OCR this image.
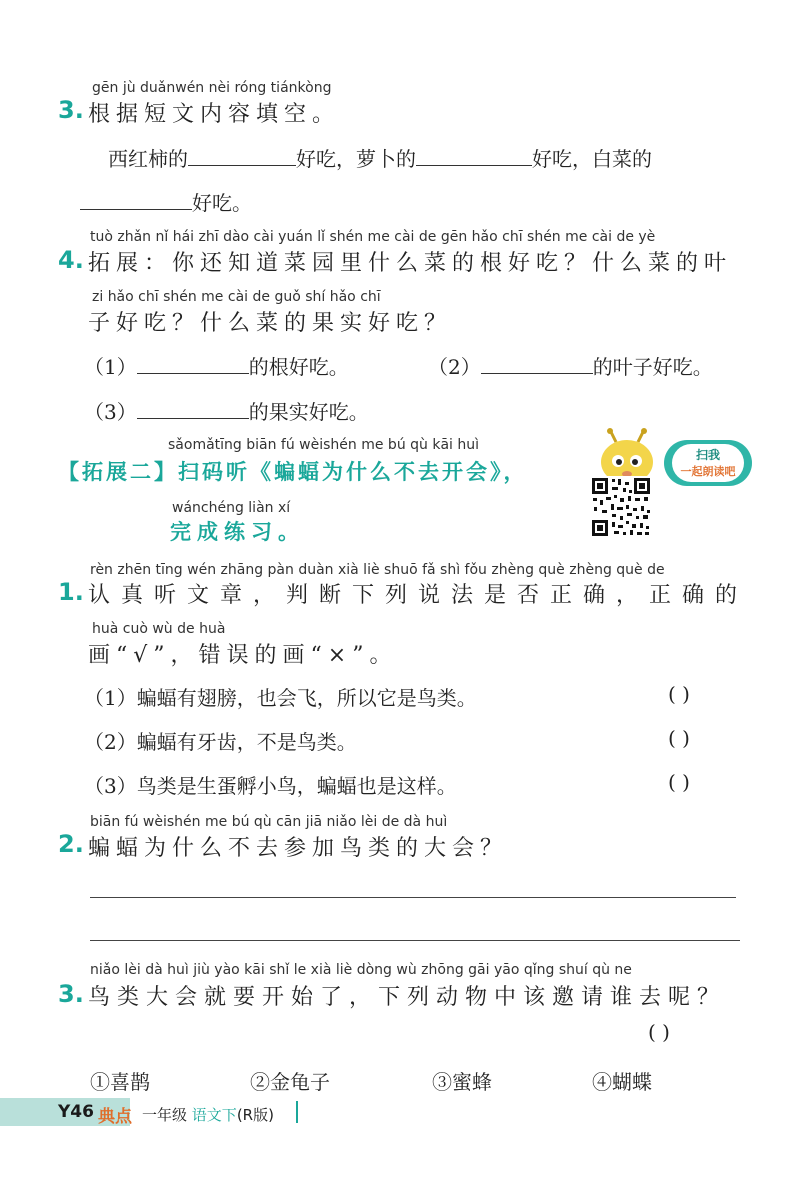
gēn jù duǎnwén nèi róng tiánkòng
3. 根据短文内容填空。
西红柿的	好吃，萝卜的	好吃，白菜的
好吃。
tuò zhǎn nǐ hái zhī dào cài yuán lǐ shén me cài de gēn hǎo chī shén me cài de yè
4. 拓展：你还知道菜园里什么菜的根好吃？什么菜的叶
zi hǎo chī shén me cài de guǒ shí hǎo chī
子好吃？什么菜的果实好吃？
（1）	的根好吃。	（2）	的叶子好吃。
（3）	的果实好吃。
sǎomǎtīng biān fú wèishén me bú qù kāi huì
【拓展二】扫码听《蝙蝠为什么不去开会》，
wánchéng liàn xí
完成练习。
扫我
一起朗读吧
rèn zhēn tīng wén zhāng pàn duàn xià liè shuō fǎ shì fǒu zhèng què zhèng què de
1. 认真听文章，判断下列说法是否正确，正确的
huà cuò wù de huà
画“√”，错误的画“×”。
（1）蝙蝠有翅膀，也会飞，所以它是鸟类。	( )
（2）蝙蝠有牙齿，不是鸟类。	( )
（3）鸟类是生蛋孵小鸟，蝙蝠也是这样。	( )
biān fú wèishén me bú qù cān jiā niǎo lèi de dà huì
2. 蝙蝠为什么不去参加鸟类的大会？
niǎo lèi dà huì jiù yào kāi shǐ le xià liè dòng wù zhōng gāi yāo qǐng shuí qù ne
3. 鸟类大会就要开始了，下列动物中该邀请谁去呢？
( )
①喜鹊	②金龟子	③蜜蜂	④蝴蝶
Y46 典点 一年级 语文下(R版)
